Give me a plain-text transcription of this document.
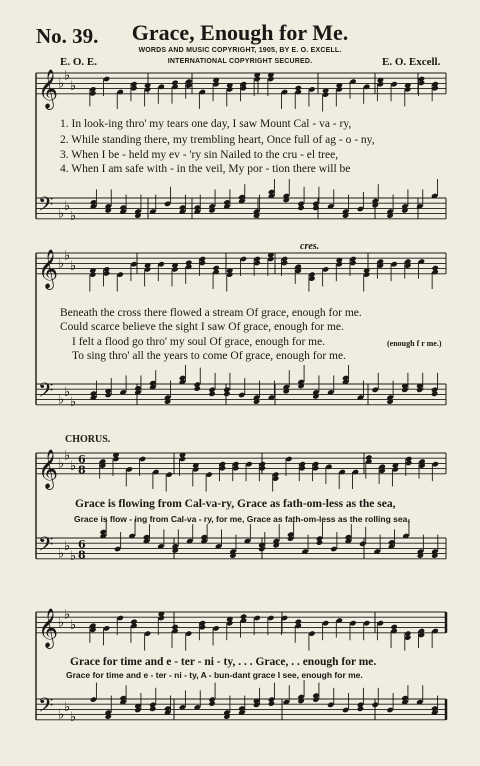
No. 39.	Grace, Enough for Me.
WORDS AND MUSIC COPYRIGHT, 1905, BY E. O. EXCELL.
INTERNATIONAL COPYRIGHT SECURED.
E. O. E.	E. O. Excell.
𝄞
𝄢
♭
♭
♭
♭
♭
♭
𝄞
𝄢
♭
♭
♭
♭
♭
♭
𝄞
𝄢
♭
♭
♭
♭
♭
♭
6
8
6
8
𝄞
𝄢
♭
♭
♭
♭
♭
♭
1. In look-ing thro' my tears one day, I saw Mount Cal - va - ry,
2. While standing there, my trembling heart, Once full of ag - o - ny,
3. When I be - held my ev - 'ry sin Nailed to the cru - el tree,
4. When I am safe with - in the veil, My por - tion there will be
cres.
Beneath the cross there flowed a stream Of grace, enough for me.
Could scarce believe the sight I saw Of grace, enough for me.
I felt a flood go thro' my soul Of grace, enough for me.	(enough f r me.)
To sing thro' all the years to come Of grace, enough for me.
CHORUS.
Grace is flowing from Cal-va-ry, Grace as fath-om-less as the sea,
Grace is flow - ing from Cal-va - ry, for me, Grace as fath-om-less as the rolling sea,
Grace for time and e - ter - ni - ty, . . . Grace, . . enough for me.
Grace for time and e - ter - ni - ty, A - bun-dant grace I see, enough for me.
